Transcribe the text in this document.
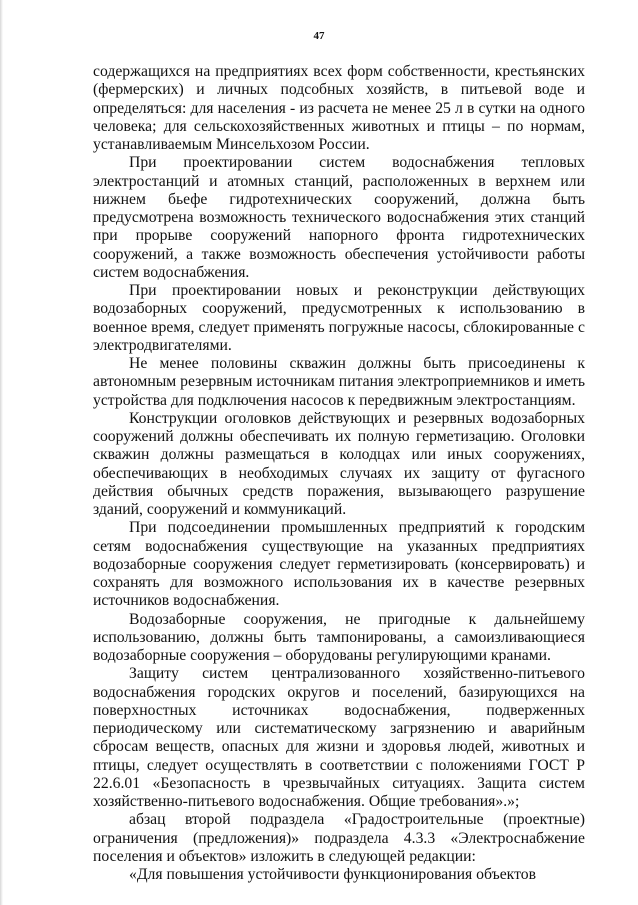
47

содержащихся на предприятиях всех форм собственности, крестьянских (фермерских) и личных подсобных хозяйств, в питьевой воде и определяться: для населения - из расчета не менее 25 л в сутки на одного человека; для сельскохозяйственных животных и птицы – по нормам, устанавливаемым Минсельхозом России.

При проектировании систем водоснабжения тепловых электростанций и атомных станций, расположенных в верхнем или нижнем бьефе гидротехнических сооружений, должна быть предусмотрена возможность технического водоснабжения этих станций при прорыве сооружений напорного фронта гидротехнических сооружений, а также возможность обеспечения устойчивости работы систем водоснабжения.

При проектировании новых и реконструкции действующих водозаборных сооружений, предусмотренных к использованию в военное время, следует применять погружные насосы, сблокированные с электродвигателями.

Не менее половины скважин должны быть присоединены к автономным резервным источникам питания электроприемников и иметь устройства для подключения насосов к передвижным электростанциям.

Конструкции оголовков действующих и резервных водозаборных сооружений должны обеспечивать их полную герметизацию. Оголовки скважин должны размещаться в колодцах или иных сооружениях, обеспечивающих в необходимых случаях их защиту от фугасного действия обычных средств поражения, вызывающего разрушение зданий, сооружений и коммуникаций.

При подсоединении промышленных предприятий к городским сетям водоснабжения существующие на указанных предприятиях водозаборные сооружения следует герметизировать (консервировать) и сохранять для возможного использования их в качестве резервных источников водоснабжения.

Водозаборные сооружения, не пригодные к дальнейшему использованию, должны быть тампонированы, а самоизливающиеся водозаборные сооружения – оборудованы регулирующими кранами.

Защиту систем централизованного хозяйственно-питьевого водоснабжения городских округов и поселений, базирующихся на поверхностных источниках водоснабжения, подверженных периодическому или систематическому загрязнению и аварийным сбросам веществ, опасных для жизни и здоровья людей, животных и птицы, следует осуществлять в соответствии с положениями ГОСТ Р 22.6.01 «Безопасность в чрезвычайных ситуациях. Защита систем хозяйственно-питьевого водоснабжения. Общие требования».»;

абзац второй подраздела «Градостроительные (проектные) ограничения (предложения)» подраздела 4.3.3 «Электроснабжение поселения и объектов» изложить в следующей редакции:

«Для повышения устойчивости функционирования объектов
